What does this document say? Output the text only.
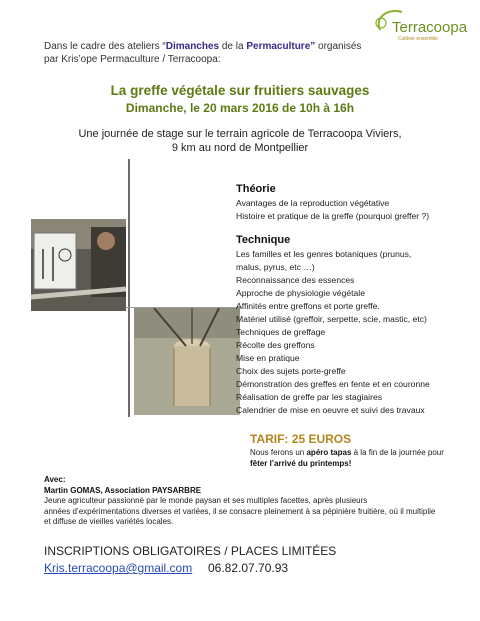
Terracoopa
Cultiver ensemble
Dans le cadre des ateliers “Dimanches de la Permaculture” organisés
par Kris’ope Permaculture / Terracoopa:
La greffe végétale sur fruitiers sauvages
Dimanche, le 20 mars 2016 de 10h à 16h
Une journée de stage sur le terrain agricole de Terracoopa Viviers,
9 km au nord de Montpellier
Théorie
Avantages de la reproduction végétative
Histoire et pratique de la greffe (pourquoi greffer ?)
Technique
Les familles et les genres botaniques (prunus,
malus, pyrus, etc …)
Reconnaissance des essences
Approche de physiologie végétale
Affinités entre greffons et porte greffe.
Matériel utilisé (greffoir, serpette, scie, mastic, etc)
Techniques de greffage
Récolte des greffons
Mise en pratique
Choix des sujets porte-greffe
Démonstration des greffes en fente et en couronne
Réalisation de greffe par les stagiaires
Calendrier de mise en oeuvre et suivi des travaux
TARIF: 25 EUROS
Nous ferons un apéro tapas à la fin de la journée pour
fêter l’arrivé du printemps!
Avec:
Martin GOMAS, Association PAYSARBRE
Jeune agriculteur passionné par le monde paysan et ses multiples facettes, après plusieurs
années d’expérimentations diverses et variées, il se consacre pleinement à sa pépinière fruitière, où il multiplie
et diffuse de vieilles variétés locales.
INSCRIPTIONS OBLIGATOIRES / PLACES LIMITÉES
Kris.terracoopa@gmail.com 06.82.07.70.93
